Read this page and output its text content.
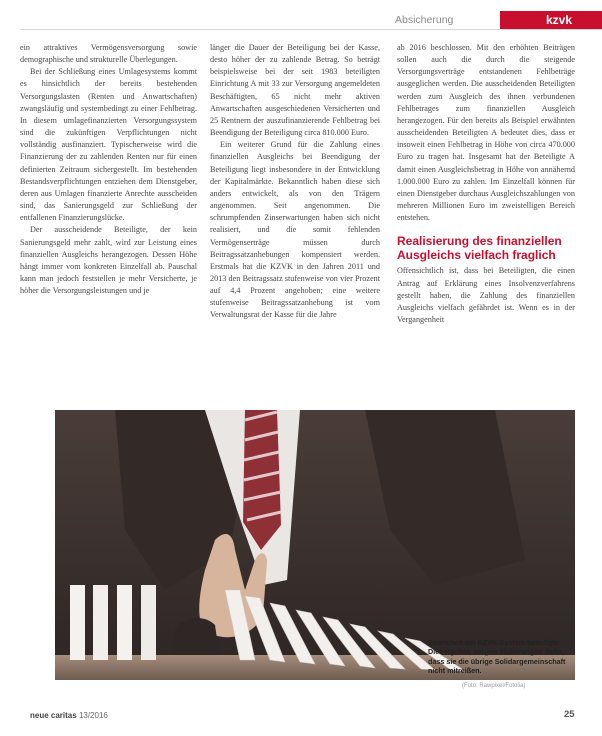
Absicherung	kzvk

ein attraktives Vermögensversorgung sowie demographische und strukturelle Überlegungen.

Bei der Schließung eines Umlagesystems kommt es hinsichtlich der bereits bestehenden Versorgungslasten (Renten und Anwartschaften) zwangsläufig und systembedingt zu einer Fehlbetrag. In diesem umlagefinanzierten Versorgungssystem sind die zukünftigen Verpflichtungen nicht vollständig ausfinanziert. Typischerweise wird die Finanzierung der zu zahlenden Renten nur für einen definierten Zeitraum sichergestellt. Im bestehenden Bestandsverpflichtungen entziehen dem Dienstgeber, deren aus Umlagen finanzierte Anrechte ausscheiden sind, das Sanierungsgeld zur Schließung der entfallenen Finanzierungslücke.

Der ausscheidende Beteiligte, der kein Sanierungsgeld mehr zahlt, wird zur Leistung eines finanziellen Ausgleichs herangezogen. Dessen Höhe hängt immer vom konkreten Einzelfall ab. Pauschal kann man jedoch feststellen je mehr Versicherte, je höher die Versorgungsleistungen und je

länger die Dauer der Beteiligung bei der Kasse, desto höher der zu zahlende Betrag. So beträgt beispielsweise bei der seit 1983 beteiligten Einrichtung A mit 33 zur Versorgung angemeldeten Beschäftigten, 65 nicht mehr aktiven Anwartschaften ausgeschiedenen Versicherten und 25 Rentnern der auszufinanzierende Fehlbetrag bei Beendigung der Beteiligung circa 810.000 Euro.

Ein weiterer Grund für die Zahlung eines finanziellen Ausgleichs bei Beendigung der Beteiligung liegt insbesondere in der Entwicklung der Kapitalmärkte. Bekanntlich haben diese sich anders entwickelt, als von den Trägern angenommen. Seit angenommen. Die schrumpfenden Zinserwartungen haben sich nicht realisiert, und die somit fehlenden Vermögenserträge müssen durch Beitragssatzanhebungen kompensiert werden. Erstmals hat die KZVK in den Jahren 2011 und 2013 den Beitragssatz stufenweise von vier Prozent auf 4,4 Prozent angehoben; eine weitere stufenweise Beitragssatzanhebung ist vom Verwaltungsrat der Kasse für die Jahre

ab 2016 beschlossen. Mit den erhöhten Beiträgen sollen auch die durch die steigende Versorgungsverträge entstandenen Fehlbeträge ausgeglichen werden. Die ausscheidenden Beteiligten werden zum Ausgleich des ihnen verbundenen Fehlbetrages zum finanziellen Ausgleich herangezogen. Für den bereits als Beispiel erwähnten ausscheidenden Beteiligten A bedeutet dies, dass er insoweit einen Fehlbetrag in Höhe von circa 470.000 Euro zu tragen hat. Insgesamt hat der Beteiligte A damit einen Ausgleichsbetrag in Höhe von annähernd 1.000.000 Euro zu zahlen. Im Einzelfall können für einen Dienstgeber durchaus Ausgleichszahlungen von mehreren Millionen Euro im zweistelligen Bereich entstehen.

Realisierung des finanziellen Ausgleichs vielfach fraglich

Offensichtlich ist, dass bei Beteiligten, die einen Antrag auf Erklärung eines Insolvenzverfahrens gestellt haben, die Zahlung des finanziellen Ausgleichs vielfach gefährdet ist. Wenn es in der Vergangenheit

Stranchelt ein KZVK-System beteiligte Dienstgeber, sorgen Sicherungen dafür, dass sie die übrige Solidargemeinschaft nicht mitreißen.
(Foto: Rawpixel/Fotolia)
neue caritas 13/2016	25
